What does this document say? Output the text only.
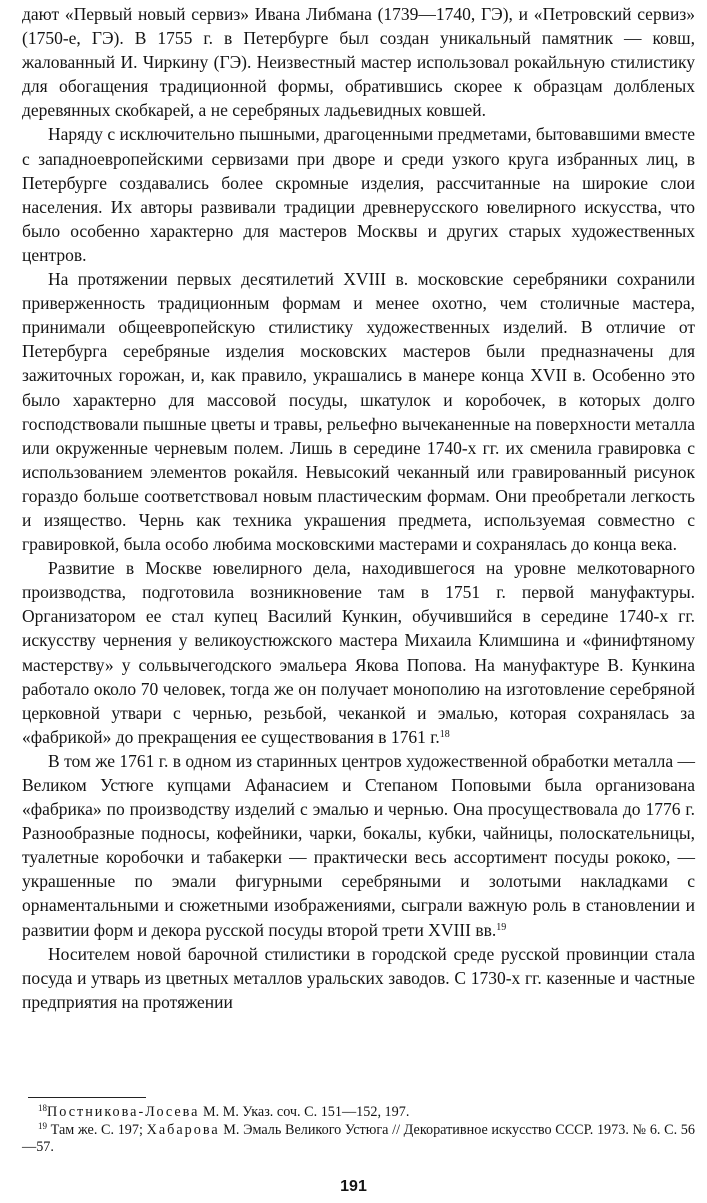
дают «Первый новый сервиз» Ивана Либмана (1739—1740, ГЭ), и «Петровский сервиз» (1750-е, ГЭ). В 1755 г. в Петербурге был создан уникальный памятник — ковш, жалованный И. Чиркину (ГЭ). Неизвестный мастер использовал рокайльную стилистику для обогащения традиционной формы, обратившись скорее к образцам долбленых деревянных скобкарей, а не серебряных ладьевидных ковшей.

Наряду с исключительно пышными, драгоценными предметами, бытовавшими вместе с западноевропейскими сервизами при дворе и среди узкого круга избранных лиц, в Петербурге создавались более скромные изделия, рассчитанные на широкие слои населения. Их авторы развивали традиции древнерусского ювелирного искусства, что было особенно характерно для мастеров Москвы и других старых художественных центров.

На протяжении первых десятилетий XVIII в. московские серебряники сохранили приверженность традиционным формам и менее охотно, чем столичные мастера, принимали общеевропейскую стилистику художественных изделий. В отличие от Петербурга серебряные изделия московских мастеров были предназначены для зажиточных горожан, и, как правило, украшались в манере конца XVII в. Особенно это было характерно для массовой посуды, шкатулок и коробочек, в которых долго господствовали пышные цветы и травы, рельефно вычеканенные на поверхности металла или окруженные черневым полем. Лишь в середине 1740-х гг. их сменила гравировка с использованием элементов рокайля. Невысокий чеканный или гравированный рисунок гораздо больше соответствовал новым пластическим формам. Они преобретали легкость и изящество. Чернь как техника украшения предмета, используемая совместно с гравировкой, была особо любима московскими мастерами и сохранялась до конца века.

Развитие в Москве ювелирного дела, находившегося на уровне мелкотоварного производства, подготовила возникновение там в 1751 г. первой мануфактуры. Организатором ее стал купец Василий Кункин, обучившийся в середине 1740-х гг. искусству чернения у великоустюжского мастера Михаила Климшина и «финифтяному мастерству» у сольвычегодского эмальера Якова Попова. На мануфактуре В. Кункина работало около 70 человек, тогда же он получает монополию на изготовление серебряной церковной утвари с чернью, резьбой, чеканкой и эмалью, которая сохранялась за «фабрикой» до прекращения ее существования в 1761 г.$^{18}$

В том же 1761 г. в одном из старинных центров художественной обработки металла — Великом Устюге купцами Афанасием и Степаном Поповыми была организована «фабрика» по производству изделий с эмалью и чернью. Она просуществовала до 1776 г. Разнообразные подносы, кофейники, чарки, бокалы, кубки, чайницы, полоскательницы, туалетные коробочки и табакерки — практически весь ассортимент посуды рококо, — украшенные по эмали фигурными серебряными и золотыми накладками с орнаментальными и сюжетными изображениями, сыграли важную роль в становлении и развитии форм и декора русской посуды второй трети XVIII вв.$^{19}$

Носителем новой барочной стилистики в городской среде русской провинции стала посуда и утварь из цветных металлов уральских заводов. С 1730-х гг. казенные и частные предприятия на протяжении

$^{18}$Постникова-Лосева М. М. Указ. соч. С. 151—152, 197.

$^{19}$ Там же. С. 197; Хабарова М. Эмаль Великого Устюга // Декоративное искусство СССР. 1973. № 6. С. 56—57.

191
